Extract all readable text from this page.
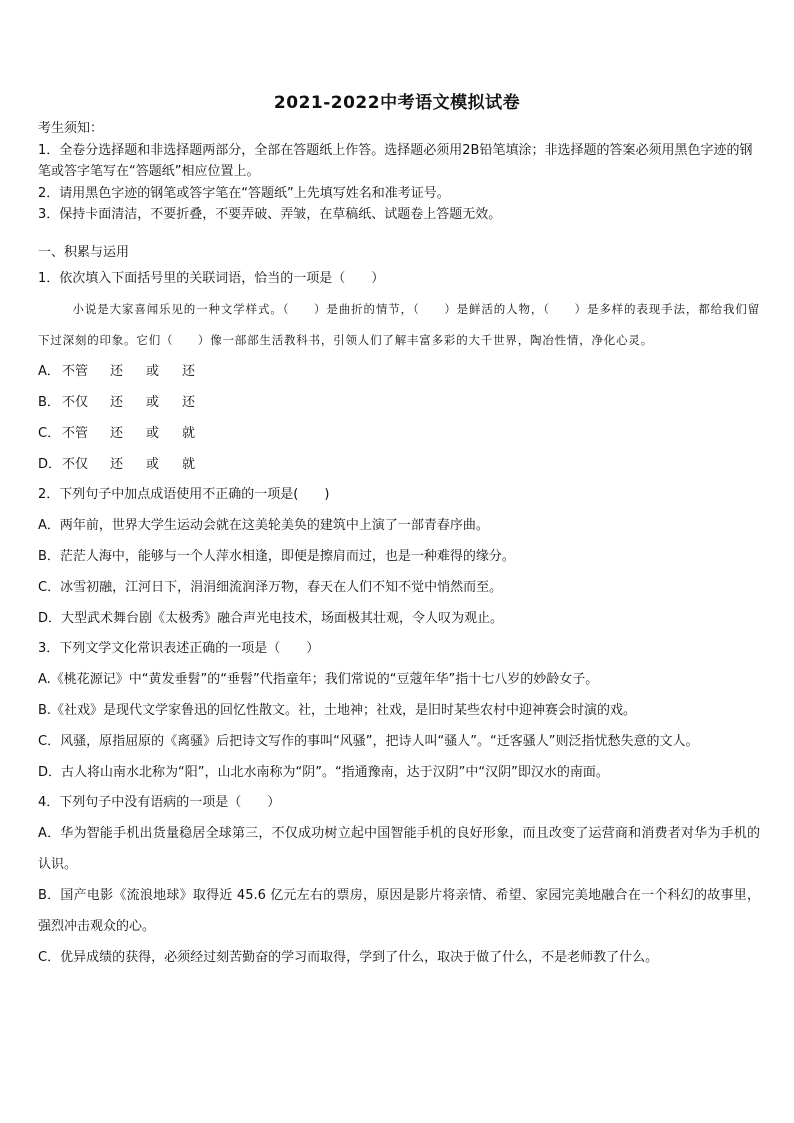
2021-2022中考语文模拟试卷

考生须知：

1．全卷分选择题和非选择题两部分，全部在答题纸上作答。选择题必须用2B铅笔填涂；非选择题的答案必须用黑色字迹的钢笔或答字笔写在“答题纸”相应位置上。

2．请用黑色字迹的钢笔或答字笔在“答题纸”上先填写姓名和准考证号。

3．保持卡面清洁，不要折叠，不要弄破、弄皱，在草稿纸、试题卷上答题无效。

一、积累与运用

1．依次填入下面括号里的关联词语，恰当的一项是（　　）

小说是大家喜闻乐见的一种文学样式。（　　）是曲折的情节，（　　）是鲜活的人物，（　　）是多样的表现手法，都给我们留下过深刻的印象。它们（　　）像一部部生活教科书，引领人们了解丰富多彩的大千世界，陶冶性情，净化心灵。

A． 不管 还 或 还

B． 不仅 还 或 还

C． 不管 还 或 就

D．不仅 还 或 就

2．下列句子中加点成语使用不正确的一项是(　　)

A．两年前，世界大学生运动会就在这美轮美奂的建筑中上演了一部青春序曲。

B．茫茫人海中，能够与一个人萍水相逢，即便是擦肩而过，也是一种难得的缘分。

C．冰雪初融，江河日下，涓涓细流润泽万物，春天在人们不知不觉中悄然而至。

D．大型武术舞台剧《太极秀》融合声光电技术，场面极其壮观，令人叹为观止。

3．下列文学文化常识表述正确的一项是（　　）

A.《桃花源记》中“黄发垂髫”的“垂髫”代指童年；我们常说的“豆蔻年华”指十七八岁的妙龄女子。

B.《社戏》是现代文学家鲁迅的回忆性散文。社，土地神；社戏，是旧时某些农村中迎神赛会时演的戏。

C．风骚，原指屈原的《离骚》后把诗文写作的事叫“风骚”，把诗人叫“骚人”。“迁客骚人”则泛指忧愁失意的文人。

D．古人将山南水北称为“阳”，山北水南称为“阴”。“指通豫南，达于汉阴”中“汉阴”即汉水的南面。

4．下列句子中没有语病的一项是（　　）

A．华为智能手机出货量稳居全球第三，不仅成功树立起中国智能手机的良好形象，而且改变了运营商和消费者对华为手机的认识。

B．国产电影《流浪地球》取得近 45.6 亿元左右的票房，原因是影片将亲情、希望、家园完美地融合在一个科幻的故事里，强烈冲击观众的心。

C．优异成绩的获得，必须经过刻苦勤奋的学习而取得，学到了什么，取决于做了什么，不是老师教了什么。
